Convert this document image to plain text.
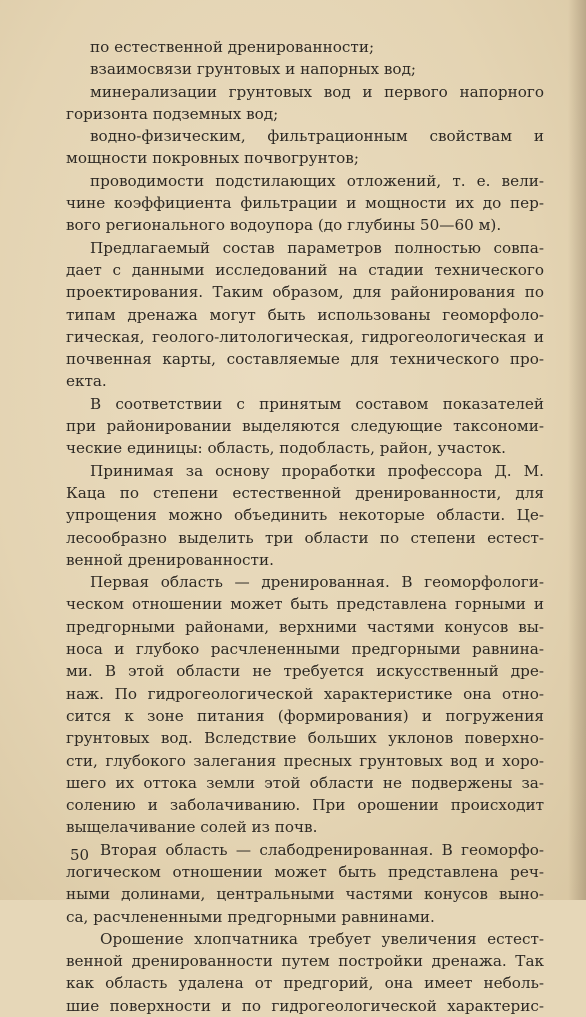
по естественной дренированности;
взаимосвязи грунтовых и напорных вод;
минерализации грунтовых вод и первого напорного
горизонта подземных вод;
водно-физическим, фильтрационным свойствам и
мощности покровных почвогрунтов;
проводимости подстилающих отложений, т. е. вели-
чине коэффициента фильтрации и мощности их до пер-
вого регионального водоупора (до глубины 50—60 м).
Предлагаемый состав параметров полностью совпа-
дает с данными исследований на стадии технического
проектирования. Таким образом, для районирования по
типам дренажа могут быть использованы геоморфоло-
гическая, геолого-литологическая, гидрогеологическая и
почвенная карты, составляемые для технического про-
екта.
В соответствии с принятым составом показателей
при районировании выделяются следующие таксономи-
ческие единицы: область, подобласть, район, участок.
Принимая за основу проработки профессора Д. М.
Каца по степени естественной дренированности, для
упрощения можно объединить некоторые области. Це-
лесообразно выделить три области по степени естест-
венной дренированности.
Первая область — дренированная. В геоморфологи-
ческом отношении может быть представлена горными и
предгорными районами, верхними частями конусов вы-
носа и глубоко расчлененными предгорными равнина-
ми. В этой области не требуется искусственный дре-
наж. По гидрогеологической характеристике она отно-
сится к зоне питания (формирования) и погружения
грунтовых вод. Вследствие больших уклонов поверхно-
сти, глубокого залегания пресных грунтовых вод и хоро-
шего их оттока земли этой области не подвержены за-
солению и заболачиванию. При орошении происходит
выщелачивание солей из почв.
Вторая область — слабодренированная. В геоморфо-
логическом отношении может быть представлена реч-
ными долинами, центральными частями конусов выно-
са, расчлененными предгорными равнинами.
Орошение хлопчатника требует увеличения естест-
венной дренированности путем постройки дренажа. Так
как область удалена от предгорий, она имеет неболь-
шие поверхности и по гидрогеологической характерис-
50
